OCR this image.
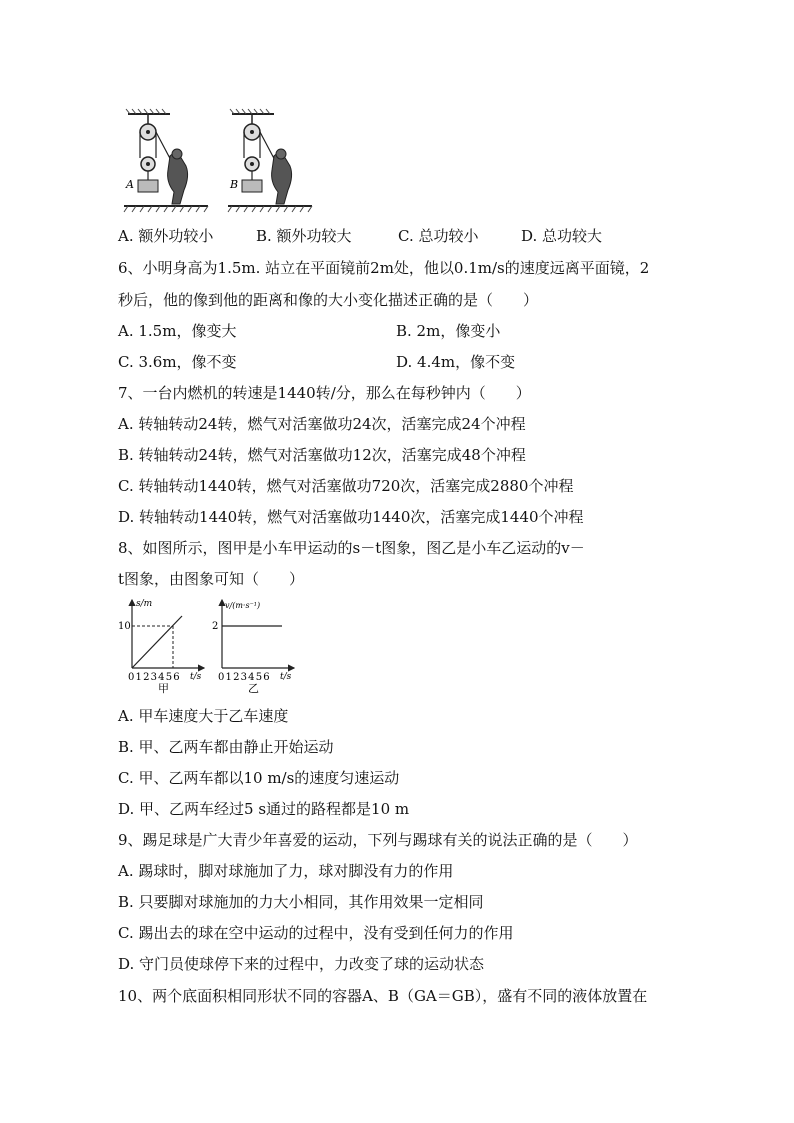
A	B
A. 额外功较小	B. 额外功较大	C. 总功较小	D. 总功较大
6、小明身高为1.5m. 站立在平面镜前2m处，他以0.1m/s的速度远离平面镜，2
秒后，他的像到他的距离和像的大小变化描述正确的是（　　）
A. 1.5m，像变大	B. 2m，像变小
C. 3.6m，像不变	D. 4.4m，像不变
7、一台内燃机的转速是1440转/分，那么在每秒钟内（　　）
A. 转轴转动24转，燃气对活塞做功24次，活塞完成24个冲程
B. 转轴转动24转，燃气对活塞做功12次，活塞完成48个冲程
C. 转轴转动1440转，燃气对活塞做功720次，活塞完成2880个冲程
D. 转轴转动1440转，燃气对活塞做功1440次，活塞完成1440个冲程
8、如图所示，图甲是小车甲运动的s－t图象，图乙是小车乙运动的v－
t图象，由图象可知（　　）
s/m
10
0 1 2 3 4 5 6 t/s
甲
v/(m·s⁻¹)
2
0 1 2 3 4 5 6 t/s
乙
A. 甲车速度大于乙车速度
B. 甲、乙两车都由静止开始运动
C. 甲、乙两车都以10 m/s的速度匀速运动
D. 甲、乙两车经过5 s通过的路程都是10 m
9、踢足球是广大青少年喜爱的运动，下列与踢球有关的说法正确的是（　　）
A. 踢球时，脚对球施加了力，球对脚没有力的作用
B. 只要脚对球施加的力大小相同，其作用效果一定相同
C. 踢出去的球在空中运动的过程中，没有受到任何力的作用
D. 守门员使球停下来的过程中，力改变了球的运动状态
10、两个底面积相同形状不同的容器A、B（GA＝GB），盛有不同的液体放置在
